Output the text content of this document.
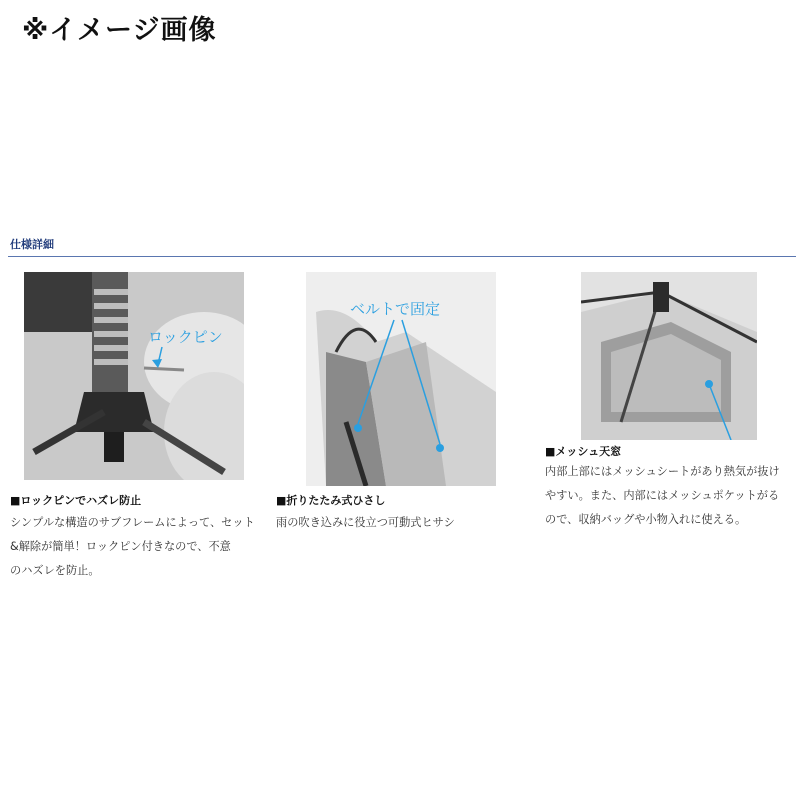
※イメージ画像
仕様詳細
ロックピン
ベルトで固定
■ロックピンでハズレ防止

シンプルな構造のサブフレームによって、セット

&解除が簡単！ロックピン付きなので、不意

のハズレを防止。

■折りたたみ式ひさし

雨の吹き込みに役立つ可動式ヒサシ

■メッシュ天窓

内部上部にはメッシュシートがあり熱気が抜け

やすい。また、内部にはメッシュポケットがる

ので、収納バッグや小物入れに使える。
